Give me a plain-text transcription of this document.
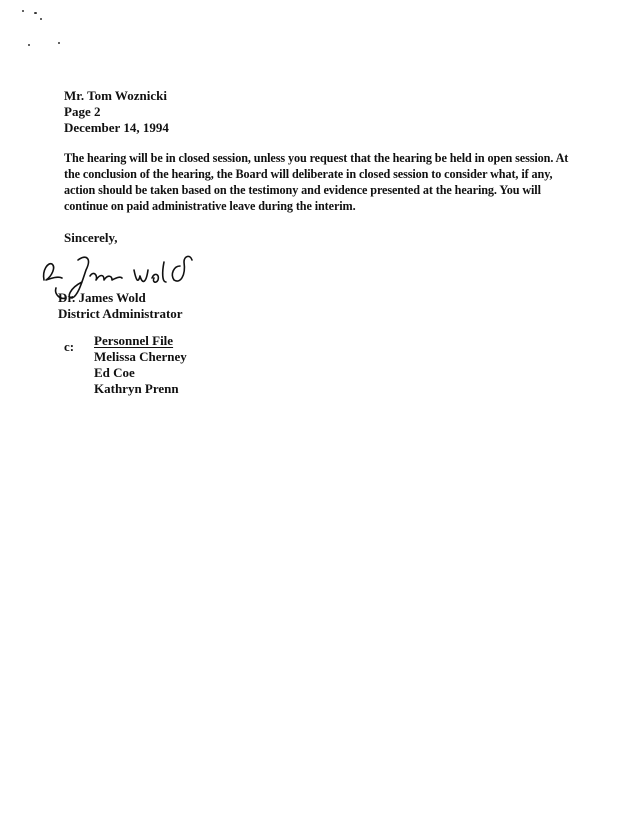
Mr. Tom Woznicki
Page 2
December 14, 1994
The hearing will be in closed session, unless you request that the hearing be held in open session. At
the conclusion of the hearing, the Board will deliberate in closed session to consider what, if any,
action should be taken based on the testimony and evidence presented at the hearing. You will
continue on paid administrative leave during the interim.
Sincerely,
Dr. James Wold
District Administrator
c: Personnel File
Melissa Cherney
Ed Coe
Kathryn Prenn
